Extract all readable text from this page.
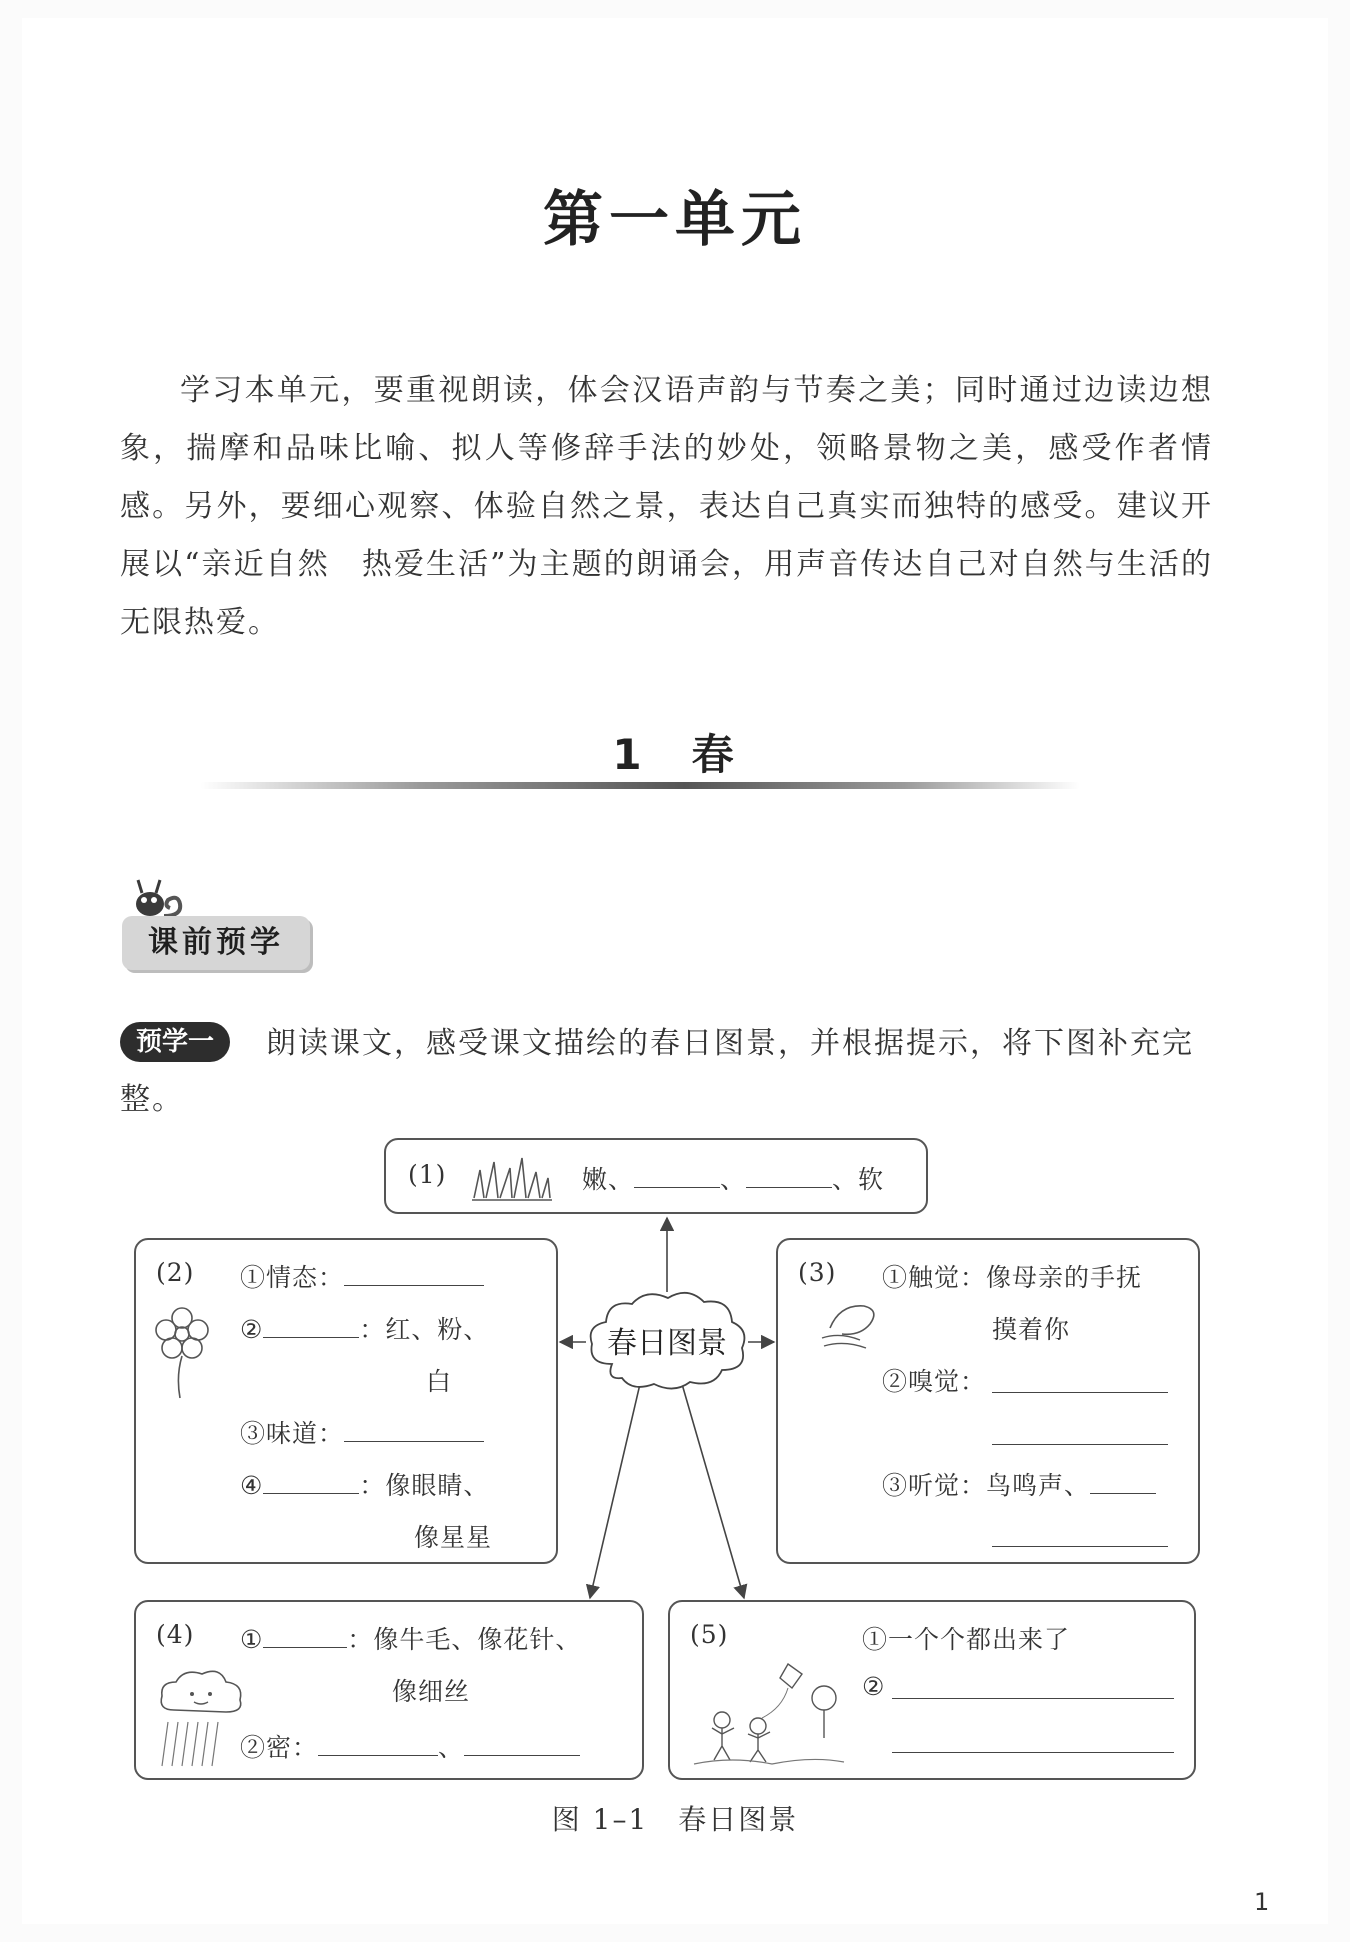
第一单元

学习本单元，要重视朗读，体会汉语声韵与节奏之美；同时通过边读边想象，揣摩和品味比喻、拟人等修辞手法的妙处，领略景物之美，感受作者情感。另外，要细心观察、体验自然之景，表达自己真实而独特的感受。建议开展以“亲近自然　热爱生活”为主题的朗诵会，用声音传达自己对自然与生活的无限热爱。

1　春
课前预学
朗读课文，感受课文描绘的春日图景，并根据提示，将下图补充完整。
预学一
(1)	嫩、	、	、软
(2) ①情态：
②	：红、粉、
白
③味道：
④	：像眼睛、
像星星
春日图景
(3) ①触觉：像母亲的手抚
摸着你
②嗅觉：
③听觉：鸟鸣声、
(4) ①	：像牛毛、像花针、
像细丝
②密：	、
(5)	①一个个都出来了
②
图 1–1　春日图景
1
